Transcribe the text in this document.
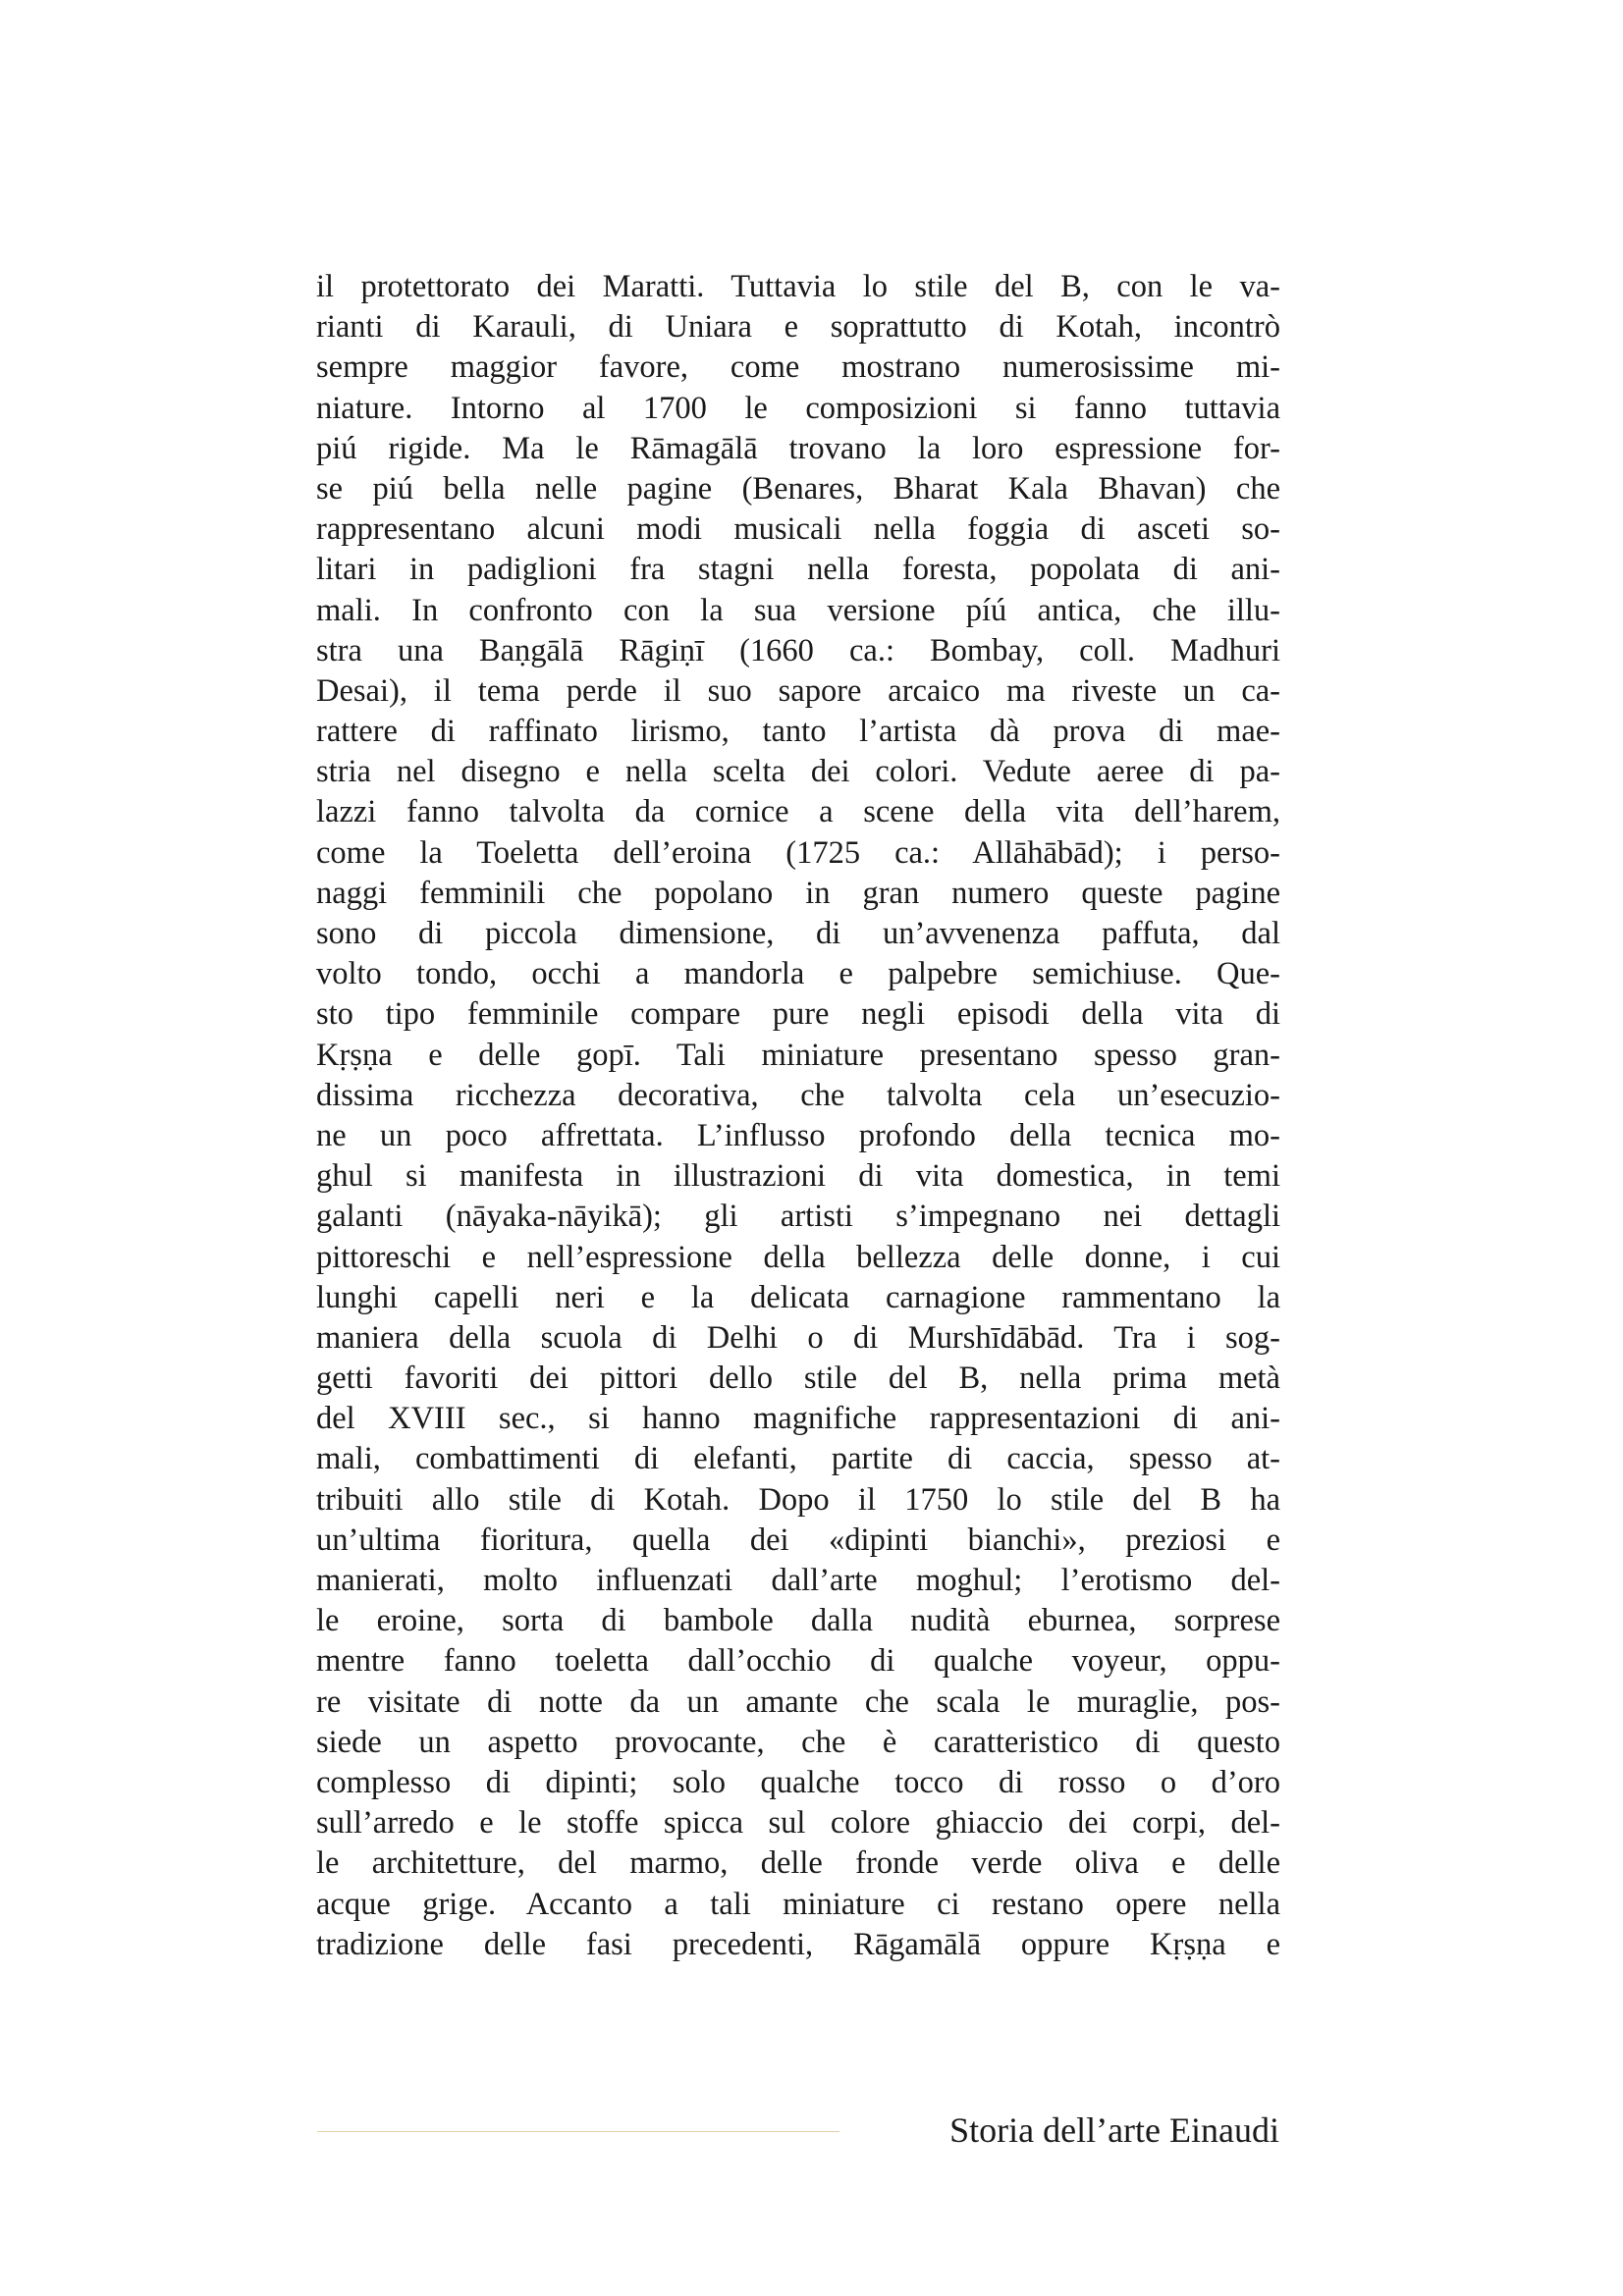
il protettorato dei Maratti. Tuttavia lo stile del B, con le va-
rianti di Karauli, di Uniara e soprattutto di Kotah, incontrò
sempre maggior favore, come mostrano numerosissime mi-
niature. Intorno al 1700 le composizioni si fanno tuttavia
piú rigide. Ma le Rāmagālā trovano la loro espressione for-
se piú bella nelle pagine (Benares, Bharat Kala Bhavan) che
rappresentano alcuni modi musicali nella foggia di asceti so-
litari in padiglioni fra stagni nella foresta, popolata di ani-
mali. In confronto con la sua versione píú antica, che illu-
stra una Baṇgālā Rāgiṇī (1660 ca.: Bombay, coll. Madhuri
Desai), il tema perde il suo sapore arcaico ma riveste un ca-
rattere di raffinato lirismo, tanto l’artista dà prova di mae-
stria nel disegno e nella scelta dei colori. Vedute aeree di pa-
lazzi fanno talvolta da cornice a scene della vita dell’harem,
come la Toeletta dell’eroina (1725 ca.: Allāhābād); i perso-
naggi femminili che popolano in gran numero queste pagine
sono di piccola dimensione, di un’avvenenza paffuta, dal
volto tondo, occhi a mandorla e palpebre semichiuse. Que-
sto tipo femminile compare pure negli episodi della vita di
Kṛṣṇa e delle gopī. Tali miniature presentano spesso gran-
dissima ricchezza decorativa, che talvolta cela un’esecuzio-
ne un poco affrettata. L’influsso profondo della tecnica mo-
ghul si manifesta in illustrazioni di vita domestica, in temi
galanti (nāyaka-nāyikā); gli artisti s’impegnano nei dettagli
pittoreschi e nell’espressione della bellezza delle donne, i cui
lunghi capelli neri e la delicata carnagione rammentano la
maniera della scuola di Delhi o di Murshīdābād. Tra i sog-
getti favoriti dei pittori dello stile del B, nella prima metà
del XVIII sec., si hanno magnifiche rappresentazioni di ani-
mali, combattimenti di elefanti, partite di caccia, spesso at-
tribuiti allo stile di Kotah. Dopo il 1750 lo stile del B ha
un’ultima fioritura, quella dei «dipinti bianchi», preziosi e
manierati, molto influenzati dall’arte moghul; l’erotismo del-
le eroine, sorta di bambole dalla nudità eburnea, sorprese
mentre fanno toeletta dall’occhio di qualche voyeur, oppu-
re visitate di notte da un amante che scala le muraglie, pos-
siede un aspetto provocante, che è caratteristico di questo
complesso di dipinti; solo qualche tocco di rosso o d’oro
sull’arredo e le stoffe spicca sul colore ghiaccio dei corpi, del-
le architetture, del marmo, delle fronde verde oliva e delle
acque grige. Accanto a tali miniature ci restano opere nella
tradizione delle fasi precedenti, Rāgamālā oppure Kṛṣṇa e
Storia dell’arte Einaudi
